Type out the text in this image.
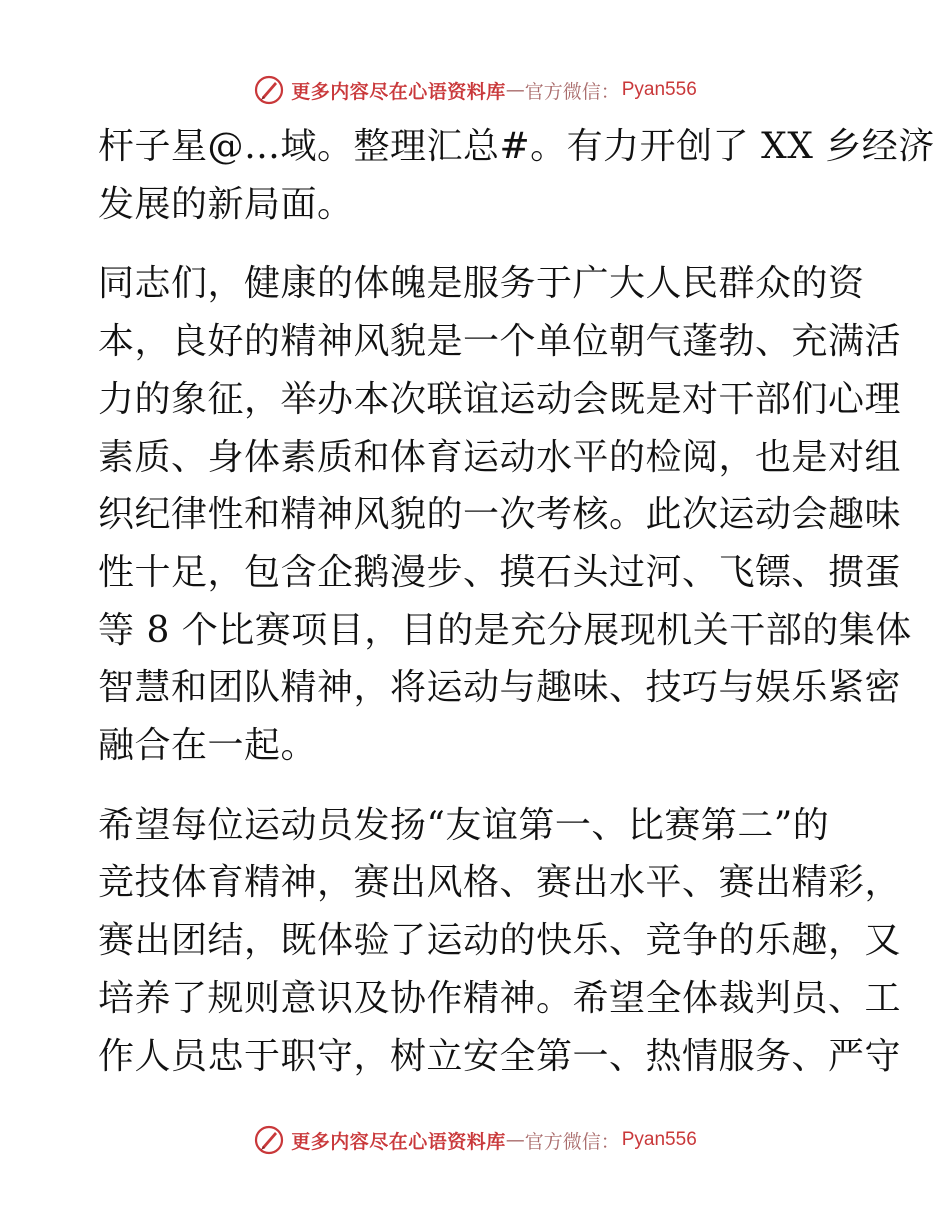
更多内容尽在心语资料库 — 官方微信： Pyan556
杆子星@…域。整理汇总#。有力开创了 XX 乡经济
发展的新局面。
同志们，健康的体魄是服务于广大人民群众的资
本，良好的精神风貌是一个单位朝气蓬勃、充满活
力的象征，举办本次联谊运动会既是对干部们心理
素质、身体素质和体育运动水平的检阅，也是对组
织纪律性和精神风貌的一次考核。此次运动会趣味
性十足，包含企鹅漫步、摸石头过河、飞镖、掼蛋
等 8 个比赛项目，目的是充分展现机关干部的集体
智慧和团队精神，将运动与趣味、技巧与娱乐紧密
融合在一起。
希望每位运动员发扬“友谊第一、比赛第二”的
竞技体育精神，赛出风格、赛出水平、赛出精彩，
赛出团结，既体验了运动的快乐、竞争的乐趣，又
培养了规则意识及协作精神。希望全体裁判员、工
作人员忠于职守，树立安全第一、热情服务、严守
更多内容尽在心语资料库 — 官方微信： Pyan556
